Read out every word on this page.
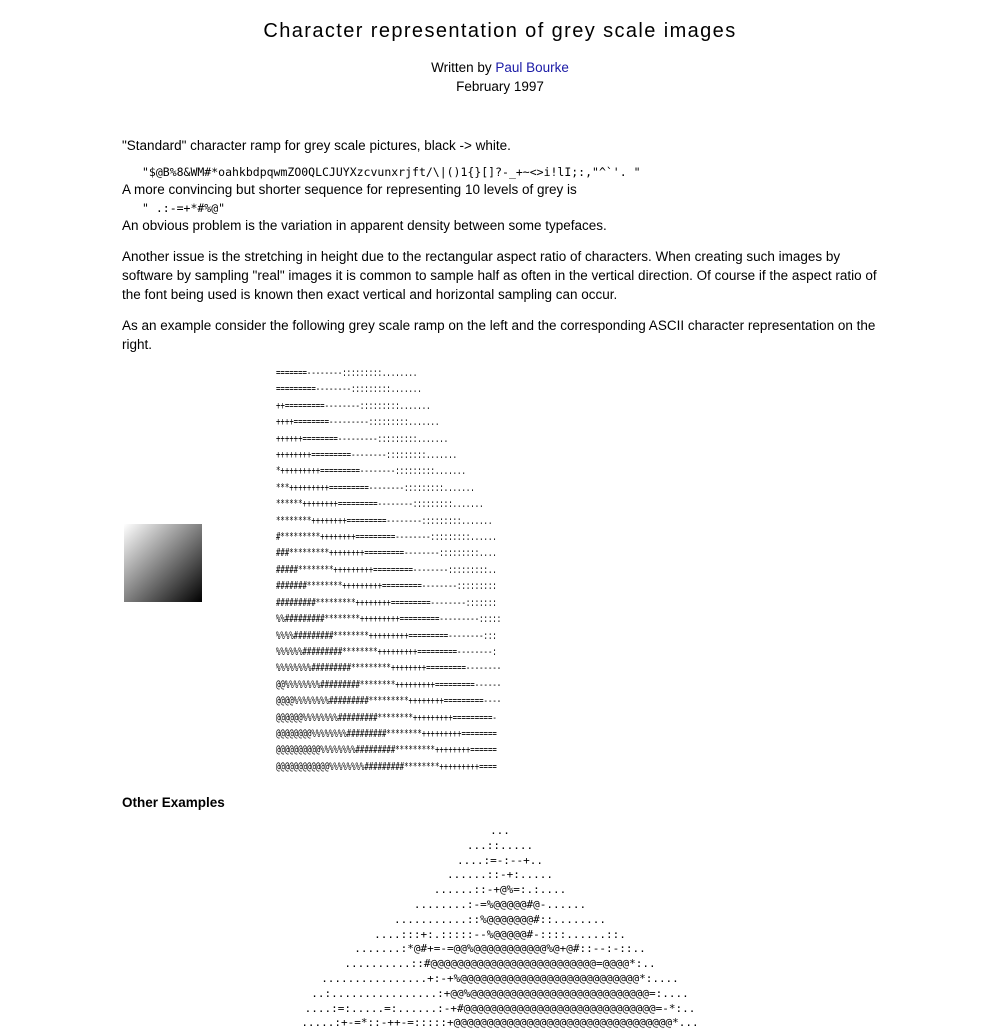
Character representation of grey scale images
Written by Paul Bourke
February 1997

"Standard" character ramp for grey scale pictures, black -> white.

"$@B%8&WM#*oahkbdpqwmZO0QLCJUYXzcvunxrjft/\|()1{}[]?-_+~<>i!lI;:,"^`'. "

A more convincing but shorter sequence for representing 10 levels of grey is

" .:-=+*#%@"

An obvious problem is the variation in apparent density between some typefaces.

Another issue is the stretching in height due to the rectangular aspect ratio of characters. When creating such images by software by sampling "real" images it is common to sample half as often in the vertical direction. Of course if the aspect ratio of the font being used is known then exact vertical and horizontal sampling can occur.

As an example consider the following grey scale ramp on the left and the corresponding ASCII character representation on the right.

=======--------:::::::::........
=========--------:::::::::.......
++=========--------:::::::::.......
++++========---------:::::::::.......
++++++========---------:::::::::.......
++++++++=========--------:::::::::.......
*+++++++++=========--------:::::::::.......
***+++++++++=========--------:::::::::.......
******++++++++=========--------:::::::::.......
********++++++++=========--------:::::::::.......
#*********++++++++=========--------:::::::::......
###*********++++++++=========--------:::::::::....
#####********+++++++++=========--------:::::::::..
#######********+++++++++=========--------:::::::::
#########*********++++++++=========--------:::::::
%%#########********+++++++++=========---------:::::
%%%%#########********+++++++++=========--------:::
%%%%%%#########********+++++++++=========--------:
%%%%%%%%#########*********++++++++=========--------
@@%%%%%%%%#########********+++++++++=========------
@@@@%%%%%%%%#########*********++++++++=========----
@@@@@@%%%%%%%%#########********+++++++++=========-
@@@@@@@@%%%%%%%%#########********+++++++++========
@@@@@@@@@@%%%%%%%%#########*********++++++++======
@@@@@@@@@@@@%%%%%%%%#########********+++++++++====
Other Examples
...
...::.....
....:=-:--+..
......::-+:.....
......::-+@%=:.:....
........:-=%@@@@@#@-......
...........::%@@@@@@@#::........
....:::+:.:::::--%@@@@@#-::::......::.
.......:*@#+=-=@@%@@@@@@@@@@@%@+@#::--:-::..
..........::#@@@@@@@@@@@@@@@@@@@@@@@@@=@@@@*:..
................+:-+%@@@@@@@@@@@@@@@@@@@@@@@@@@@*:....
..:................:+@@%@@@@@@@@@@@@@@@@@@@@@@@@@@@=:....
....:=:.....=:......:-+#@@@@@@@@@@@@@@@@@@@@@@@@@@@@@=-*:..
.....:+-=*::-++-=:::::+@@@@@@@@@@@@@@@@@@@@@@@@@@@@@@@@@*...
